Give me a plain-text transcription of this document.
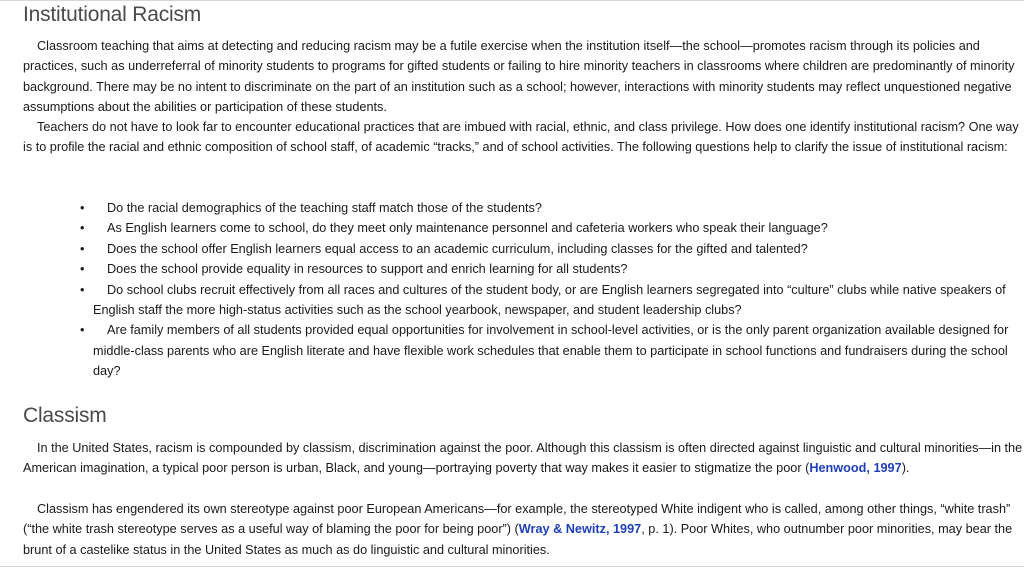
Institutional Racism

Classroom teaching that aims at detecting and reducing racism may be a futile exercise when the institution itself—the school—promotes racism through its policies and practices, such as underreferral of minority students to programs for gifted students or failing to hire minority teachers in classrooms where children are predominantly of minority background. There may be no intent to discriminate on the part of an institution such as a school; however, interactions with minority students may reflect unquestioned negative assumptions about the abilities or participation of these students.

Teachers do not have to look far to encounter educational practices that are imbued with racial, ethnic, and class privilege. How does one identify institutional racism? One way is to profile the racial and ethnic composition of school staff, of academic “tracks,” and of school activities. The following questions help to clarify the issue of institutional racism:

• Do the racial demographics of the teaching staff match those of the students?
• As English learners come to school, do they meet only maintenance personnel and cafeteria workers who speak their language?
• Does the school offer English learners equal access to an academic curriculum, including classes for the gifted and talented?
• Does the school provide equality in resources to support and enrich learning for all students?
• Do school clubs recruit effectively from all races and cultures of the student body, or are English learners segregated into “culture” clubs while native speakers of English staff the more high-status activities such as the school yearbook, newspaper, and student leadership clubs?
• Are family members of all students provided equal opportunities for involvement in school-level activities, or is the only parent organization available designed for middle-class parents who are English literate and have flexible work schedules that enable them to participate in school functions and fundraisers during the school day?
Classism

In the United States, racism is compounded by classism, discrimination against the poor. Although this classism is often directed against linguistic and cultural minorities—in the American imagination, a typical poor person is urban, Black, and young—portraying poverty that way makes it easier to stigmatize the poor (Henwood, 1997).

Classism has engendered its own stereotype against poor European Americans—for example, the stereotyped White indigent who is called, among other things, “white trash” (“the white trash stereotype serves as a useful way of blaming the poor for being poor”) (Wray & Newitz, 1997, p. 1). Poor Whites, who outnumber poor minorities, may bear the brunt of a castelike status in the United States as much as do linguistic and cultural minorities.
